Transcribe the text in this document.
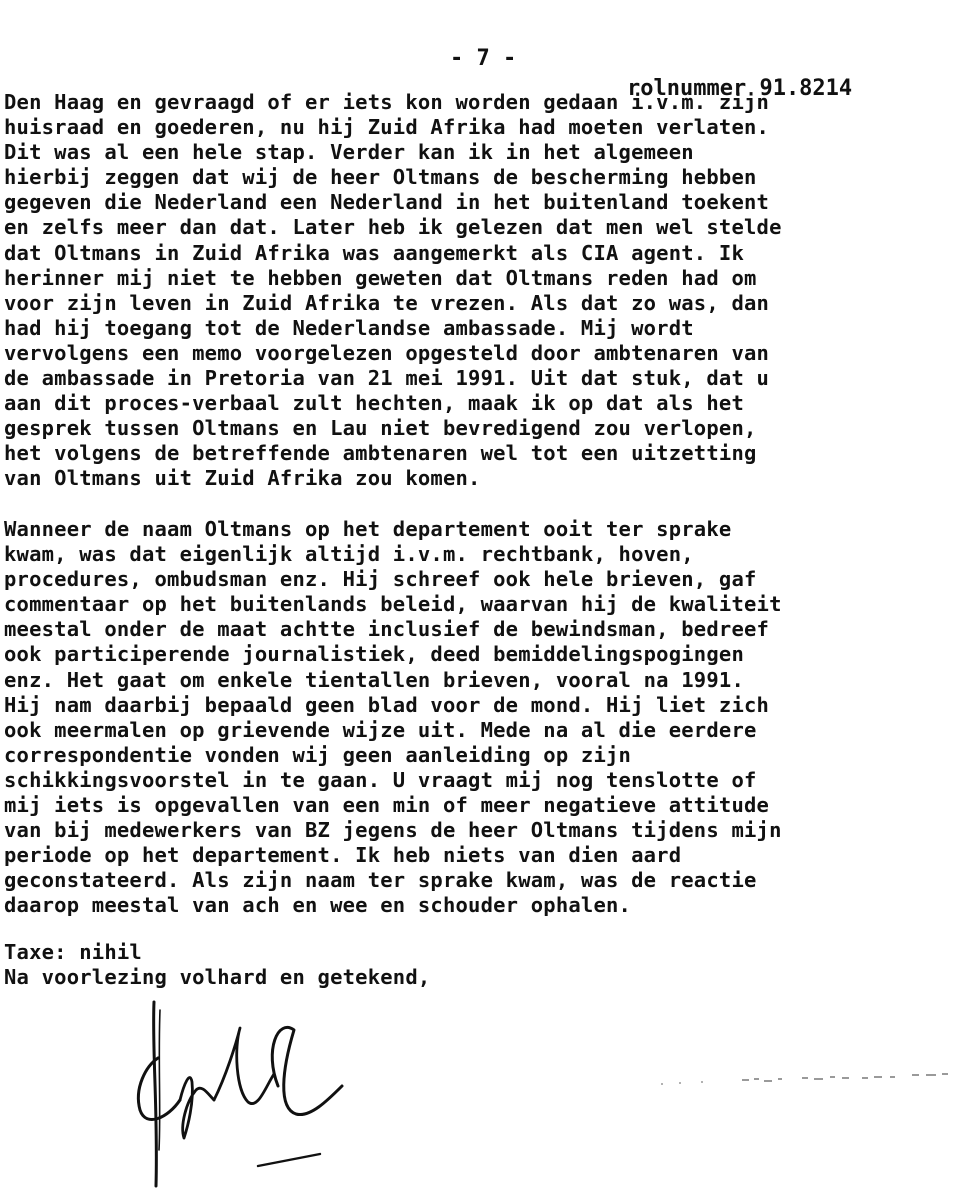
- 7 -

rolnummer 91.8214

Den Haag en gevraagd of er iets kon worden gedaan i.v.m. zijn
huisraad en goederen, nu hij Zuid Afrika had moeten verlaten.
Dit was al een hele stap. Verder kan ik in het algemeen
hierbij zeggen dat wij de heer Oltmans de bescherming hebben
gegeven die Nederland een Nederland in het buitenland toekent
en zelfs meer dan dat. Later heb ik gelezen dat men wel stelde
dat Oltmans in Zuid Afrika was aangemerkt als CIA agent. Ik
herinner mij niet te hebben geweten dat Oltmans reden had om
voor zijn leven in Zuid Afrika te vrezen. Als dat zo was, dan
had hij toegang tot de Nederlandse ambassade. Mij wordt
vervolgens een memo voorgelezen opgesteld door ambtenaren van
de ambassade in Pretoria van 21 mei 1991. Uit dat stuk, dat u
aan dit proces-verbaal zult hechten, maak ik op dat als het
gesprek tussen Oltmans en Lau niet bevredigend zou verlopen,
het volgens de betreffende ambtenaren wel tot een uitzetting
van Oltmans uit Zuid Afrika zou komen.
Wanneer de naam Oltmans op het departement ooit ter sprake
kwam, was dat eigenlijk altijd i.v.m. rechtbank, hoven,
procedures, ombudsman enz. Hij schreef ook hele brieven, gaf
commentaar op het buitenlands beleid, waarvan hij de kwaliteit
meestal onder de maat achtte inclusief de bewindsman, bedreef
ook participerende journalistiek, deed bemiddelingspogingen
enz. Het gaat om enkele tientallen brieven, vooral na 1991.
Hij nam daarbij bepaald geen blad voor de mond. Hij liet zich
ook meermalen op grievende wijze uit. Mede na al die eerdere
correspondentie vonden wij geen aanleiding op zijn
schikkingsvoorstel in te gaan. U vraagt mij nog tenslotte of
mij iets is opgevallen van een min of meer negatieve attitude
van bij medewerkers van BZ jegens de heer Oltmans tijdens mijn
periode op het departement. Ik heb niets van dien aard
geconstateerd. Als zijn naam ter sprake kwam, was de reactie
daarop meestal van ach en wee en schouder ophalen.
Taxe: nihil
Na voorlezing volhard en getekend,
